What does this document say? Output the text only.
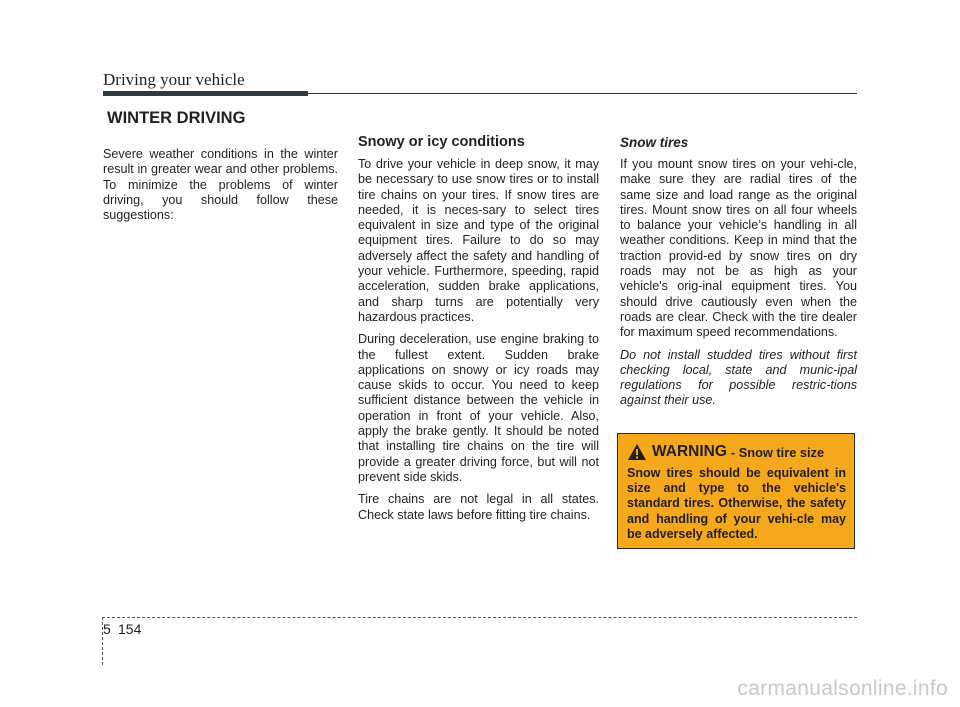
Driving your vehicle
WINTER DRIVING

Severe weather conditions in the winter result in greater wear and other problems. To minimize the problems of winter driving, you should follow these suggestions:

Snowy or icy conditions

To drive your vehicle in deep snow, it may be necessary to use snow tires or to install tire chains on your tires. If snow tires are needed, it is neces-sary to select tires equivalent in size and type of the original equipment tires. Failure to do so may adversely affect the safety and handling of your vehicle. Furthermore, speeding, rapid acceleration, sudden brake applications, and sharp turns are potentially very hazardous practices.

During deceleration, use engine braking to the fullest extent. Sudden brake applications on snowy or icy roads may cause skids to occur. You need to keep sufficient distance between the vehicle in operation in front of your vehicle. Also, apply the brake gently. It should be noted that installing tire chains on the tire will provide a greater driving force, but will not prevent side skids.

Tire chains are not legal in all states. Check state laws before fitting tire chains.

Snow tires

If you mount snow tires on your vehi-cle, make sure they are radial tires of the same size and load range as the original tires. Mount snow tires on all four wheels to balance your vehicle’s handling in all weather conditions. Keep in mind that the traction provid-ed by snow tires on dry roads may not be as high as your vehicle's orig-inal equipment tires. You should drive cautiously even when the roads are clear. Check with the tire dealer for maximum speed recommendations.

Do not install studded tires without first checking local, state and munic-ipal regulations for possible restric-tions against their use.

WARNING - Snow tire size
Snow tires should be equivalent in size and type to the vehicle's standard tires. Otherwise, the safety and handling of your vehi-cle may be adversely affected.
5 154
carmanualsonline.info
